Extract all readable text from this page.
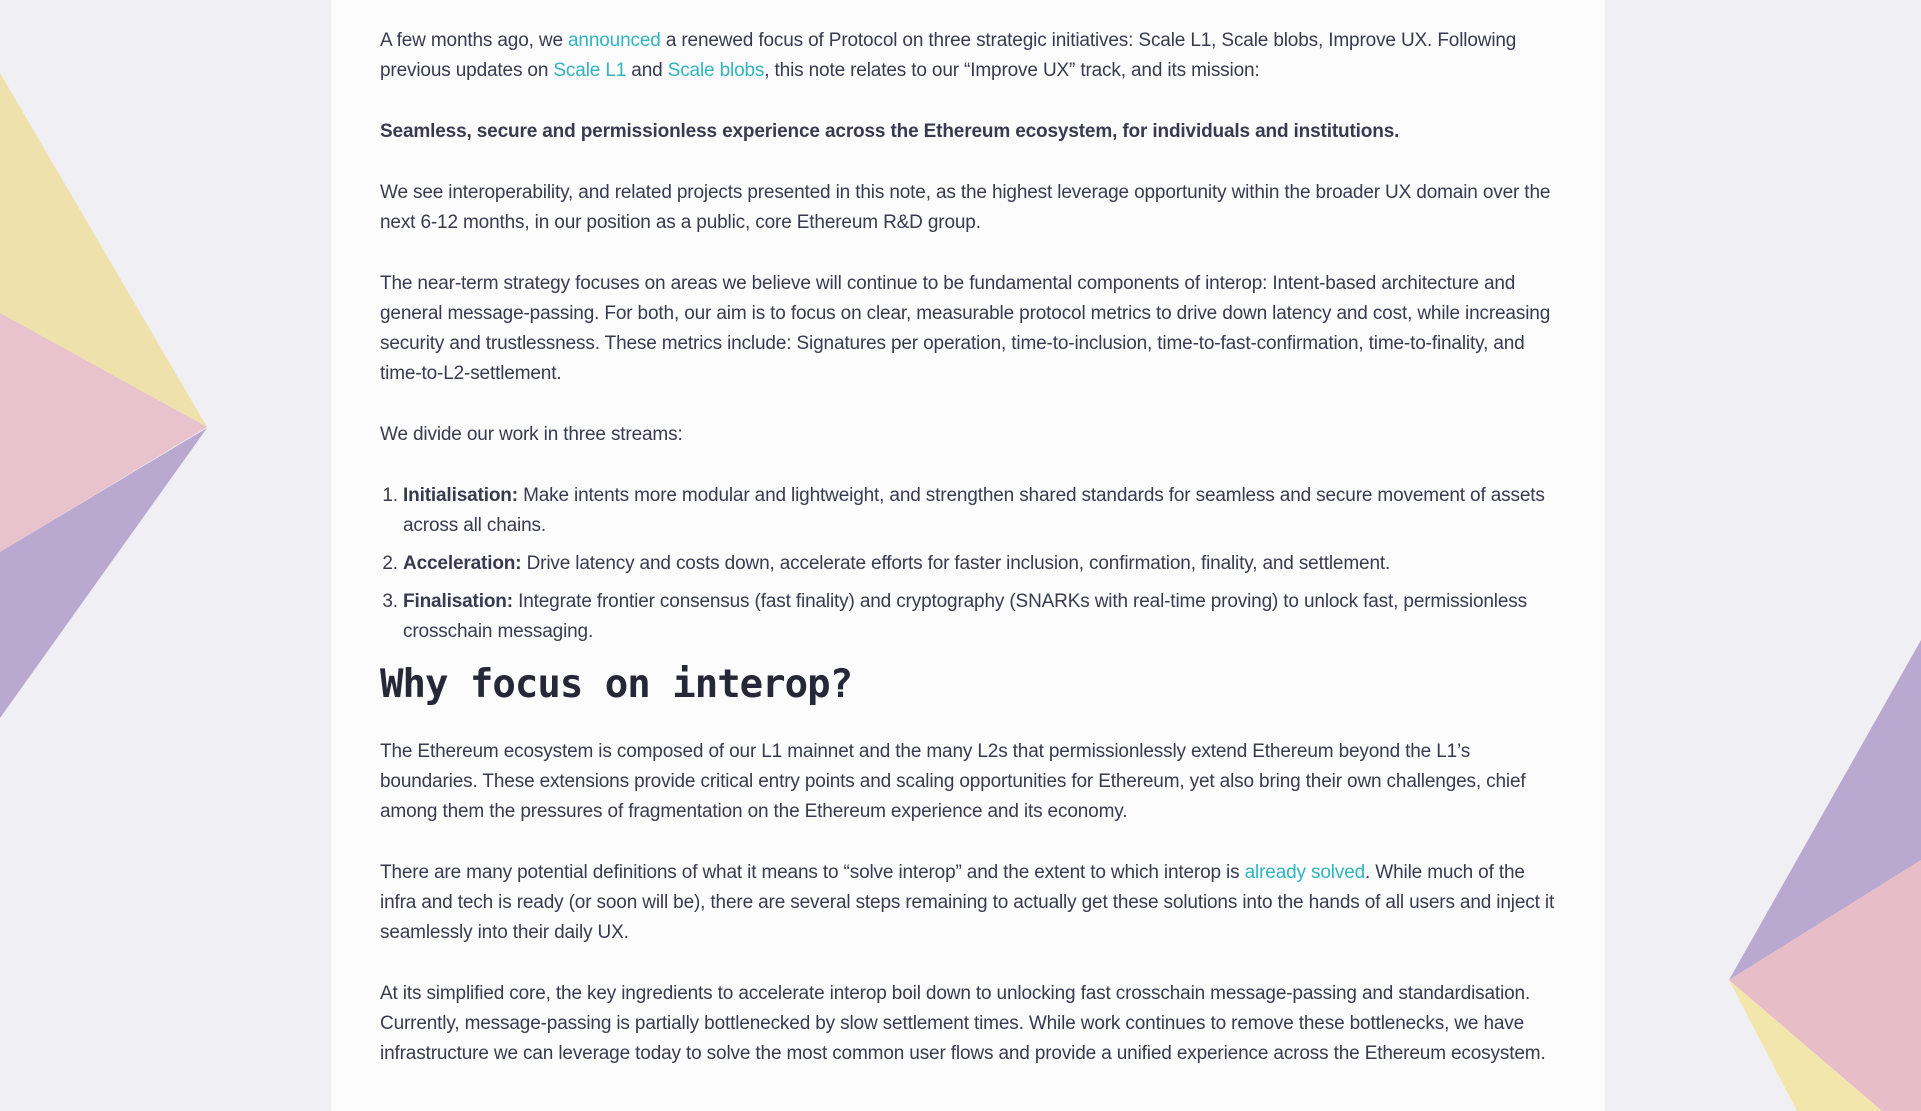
A few months ago, we announced a renewed focus of Protocol on three strategic initiatives: Scale L1, Scale blobs, Improve UX. Following previous updates on Scale L1 and Scale blobs, this note relates to our “Improve UX” track, and its mission:

Seamless, secure and permissionless experience across the Ethereum ecosystem, for individuals and institutions.

We see interoperability, and related projects presented in this note, as the highest leverage opportunity within the broader UX domain over the next 6-12 months, in our position as a public, core Ethereum R&D group.

The near-term strategy focuses on areas we believe will continue to be fundamental components of interop: Intent-based architecture and general message-passing. For both, our aim is to focus on clear, measurable protocol metrics to drive down latency and cost, while increasing security and trustlessness. These metrics include: Signatures per operation, time-to-inclusion, time-to-fast-confirmation, time-to-finality, and time-to-L2-settlement.

We divide our work in three streams:

1. Initialisation: Make intents more modular and lightweight, and strengthen shared standards for seamless and secure movement of assets across all chains.
2. Acceleration: Drive latency and costs down, accelerate efforts for faster inclusion, confirmation, finality, and settlement.
3. Finalisation: Integrate frontier consensus (fast finality) and cryptography (SNARKs with real-time proving) to unlock fast, permissionless crosschain messaging.
Why focus on interop?

The Ethereum ecosystem is composed of our L1 mainnet and the many L2s that permissionlessly extend Ethereum beyond the L1’s boundaries. These extensions provide critical entry points and scaling opportunities for Ethereum, yet also bring their own challenges, chief among them the pressures of fragmentation on the Ethereum experience and its economy.

There are many potential definitions of what it means to “solve interop” and the extent to which interop is already solved. While much of the infra and tech is ready (or soon will be), there are several steps remaining to actually get these solutions into the hands of all users and inject it seamlessly into their daily UX.

At its simplified core, the key ingredients to accelerate interop boil down to unlocking fast crosschain message-passing and standardisation. Currently, message-passing is partially bottlenecked by slow settlement times. While work continues to remove these bottlenecks, we have infrastructure we can leverage today to solve the most common user flows and provide a unified experience across the Ethereum ecosystem.
